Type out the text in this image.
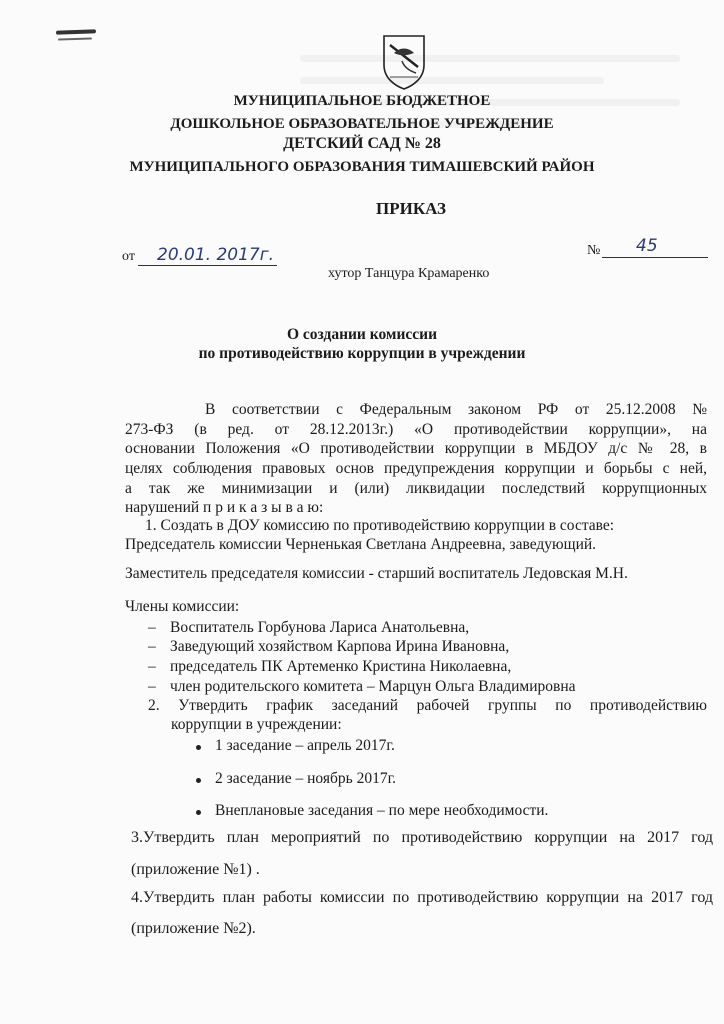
МУНИЦИПАЛЬНОЕ БЮДЖЕТНОЕ
ДОШКОЛЬНОЕ ОБРАЗОВАТЕЛЬНОЕ УЧРЕЖДЕНИЕ
ДЕТСКИЙ САД № 28
МУНИЦИПАЛЬНОГО ОБРАЗОВАНИЯ ТИМАШЕВСКИЙ РАЙОН
ПРИКАЗ
от 20.01. 2017г.	№ 45
хутор Танцура Крамаренко
О создании комиссии
по противодействию коррупции в учреждении
В соответствии с Федеральным законом РФ от 25.12.2008 №
273-ФЗ (в ред. от 28.12.2013г.) «О противодействии коррупции», на
основании Положения «О противодействии коррупции в МБДОУ д/с № 28, в
целях соблюдения правовых основ предупреждения коррупции и борьбы с ней,
а так же минимизации и (или) ликвидации последствий коррупционных
нарушений п р и к а з ы в а ю:
1. Создать в ДОУ комиссию по противодействию коррупции в составе:
Председатель комиссии Черненькая Светлана Андреевна, заведующий.
Заместитель председателя комиссии - старший воспитатель Ледовская М.Н.
Члены комиссии:
– Воспитатель Горбунова Лариса Анатольевна,
– Заведующий хозяйством Карпова Ирина Ивановна,
– председатель ПК Артеменко Кристина Николаевна,
– член родительского комитета – Марцун Ольга Владимировна
2. Утвердить график заседаний рабочей группы по противодействию
коррупции в учреждении:
1 заседание – апрель 2017г.
2 заседание – ноябрь 2017г.
Внеплановые заседания – по мере необходимости.
3.Утвердить план мероприятий по противодействию коррупции на 2017 год
(приложение №1) .
4.Утвердить план работы комиссии по противодействию коррупции на 2017 год
(приложение №2).
